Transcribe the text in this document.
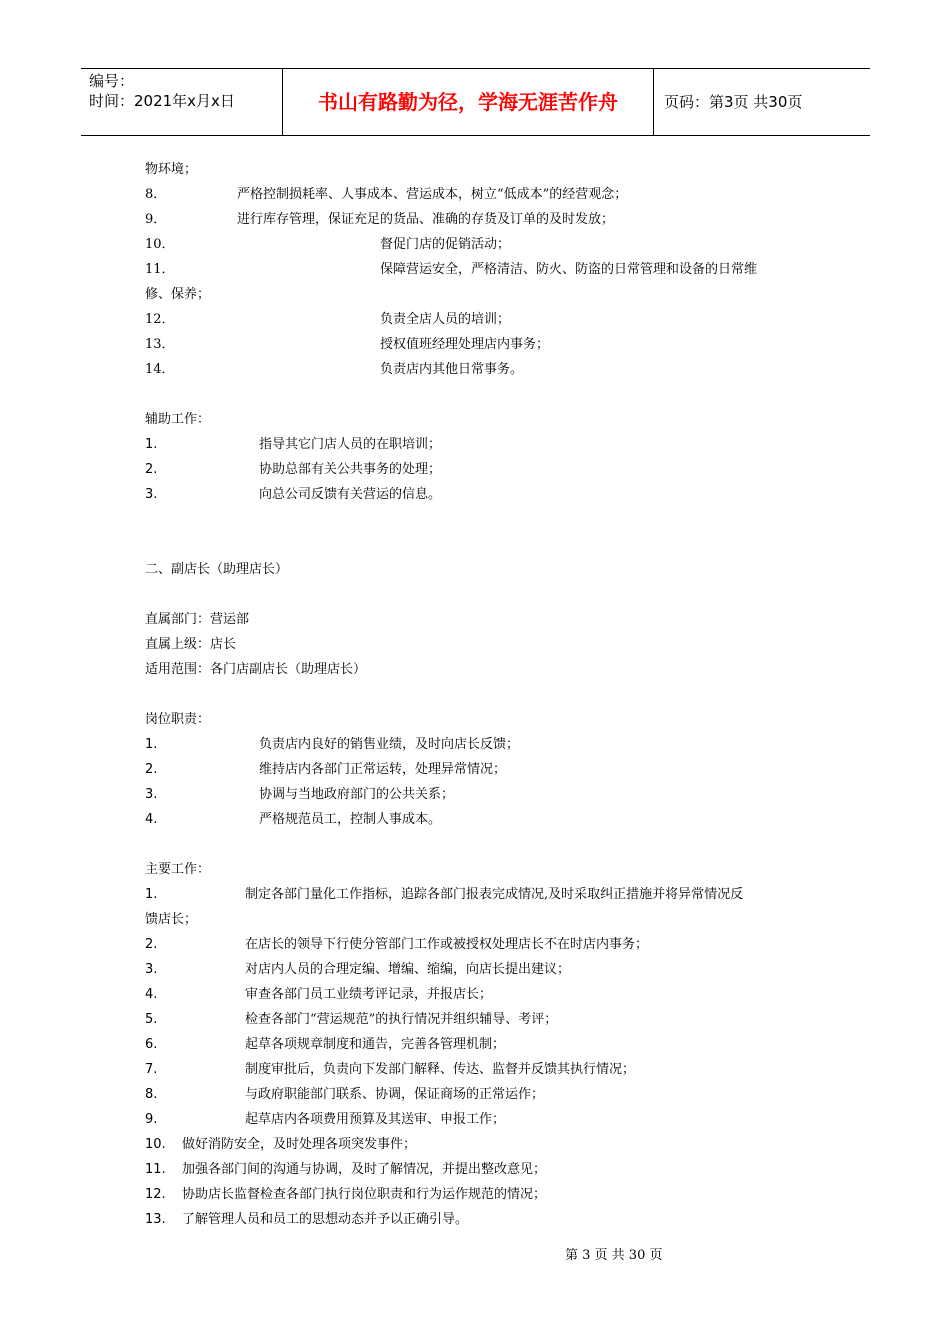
编号：
时间：2021年x月x日	书山有路勤为径，学海无涯苦作舟	页码：第3页 共30页
物环境；
8．	严格控制损耗率、人事成本、营运成本，树立“低成本”的经营观念；
9．	进行库存管理，保证充足的货品、准确的存货及订单的及时发放；
10．	督促门店的促销活动；
11．	保障营运安全，严格清洁、防火、防盗的日常管理和设备的日常维
修、保养；
12．	负责全店人员的培训；
13．	授权值班经理处理店内事务；
14．	负责店内其他日常事务。
辅助工作：
1.	指导其它门店人员的在职培训；
2.	协助总部有关公共事务的处理；
3.	向总公司反馈有关营运的信息。
二、副店长（助理店长）
直属部门：营运部
直属上级：店长
适用范围：各门店副店长（助理店长）
岗位职责：
1.	负责店内良好的销售业绩，及时向店长反馈；
2.	维持店内各部门正常运转，处理异常情况；
3.	协调与当地政府部门的公共关系；
4.	严格规范员工，控制人事成本。
主要工作：
1.	制定各部门量化工作指标，追踪各部门报表完成情况,及时采取纠正措施并将异常情况反
馈店长；
2.	在店长的领导下行使分管部门工作或被授权处理店长不在时店内事务；
3.	对店内人员的合理定编、增编、缩编，向店长提出建议；
4.	审查各部门员工业绩考评记录，并报店长；
5.	检查各部门“营运规范”的执行情况并组织辅导、考评；
6.	起草各项规章制度和通告，完善各管理机制；
7.	制度审批后，负责向下发部门解释、传达、监督并反馈其执行情况；
8.	与政府职能部门联系、协调，保证商场的正常运作；
9.	起草店内各项费用预算及其送审、申报工作；
10. 做好消防安全，及时处理各项突发事件；
11. 加强各部门间的沟通与协调，及时了解情况，并提出整改意见；
12. 协助店长监督检查各部门执行岗位职责和行为运作规范的情况；
13. 了解管理人员和员工的思想动态并予以正确引导。
第 3 页 共 30 页
